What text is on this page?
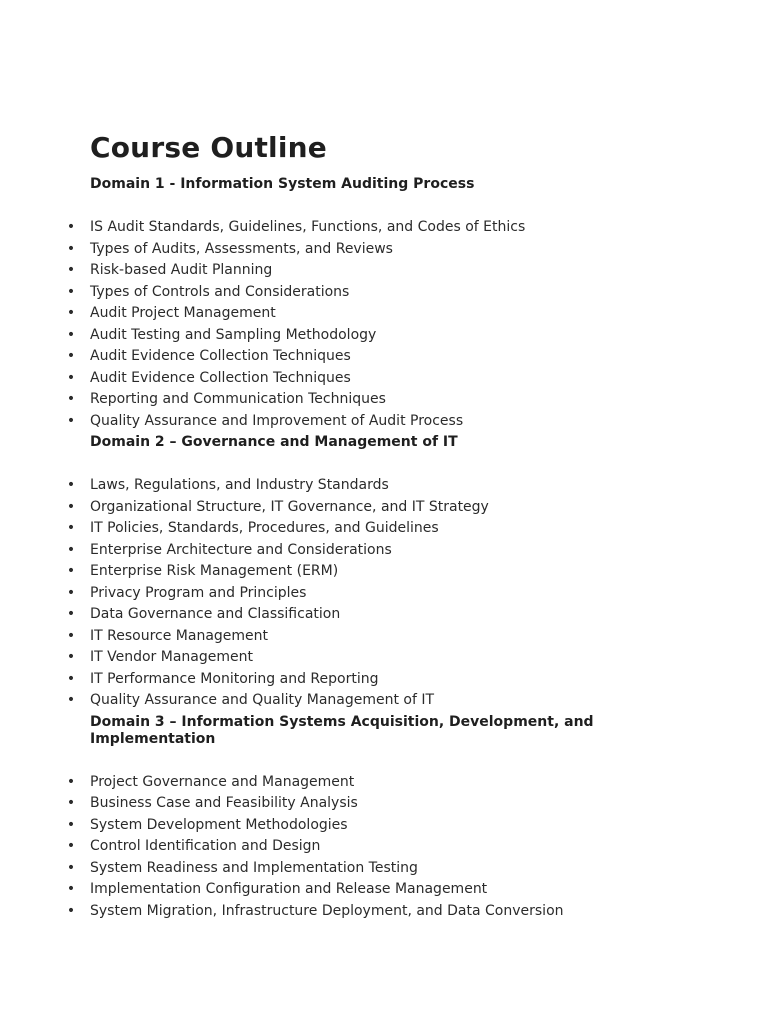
Course Outline
Domain 1 - Information System Auditing Process
• IS Audit Standards, Guidelines, Functions, and Codes of Ethics
• Types of Audits, Assessments, and Reviews
• Risk-based Audit Planning
• Types of Controls and Considerations
• Audit Project Management
• Audit Testing and Sampling Methodology
• Audit Evidence Collection Techniques
• Audit Evidence Collection Techniques
• Reporting and Communication Techniques
• Quality Assurance and Improvement of Audit Process
Domain 2 – Governance and Management of IT
• Laws, Regulations, and Industry Standards
• Organizational Structure, IT Governance, and IT Strategy
• IT Policies, Standards, Procedures, and Guidelines
• Enterprise Architecture and Considerations
• Enterprise Risk Management (ERM)
• Privacy Program and Principles
• Data Governance and Classification
• IT Resource Management
• IT Vendor Management
• IT Performance Monitoring and Reporting
• Quality Assurance and Quality Management of IT
Domain 3 – Information Systems Acquisition, Development, and Implementation
• Project Governance and Management
• Business Case and Feasibility Analysis
• System Development Methodologies
• Control Identification and Design
• System Readiness and Implementation Testing
• Implementation Configuration and Release Management
• System Migration, Infrastructure Deployment, and Data Conversion
